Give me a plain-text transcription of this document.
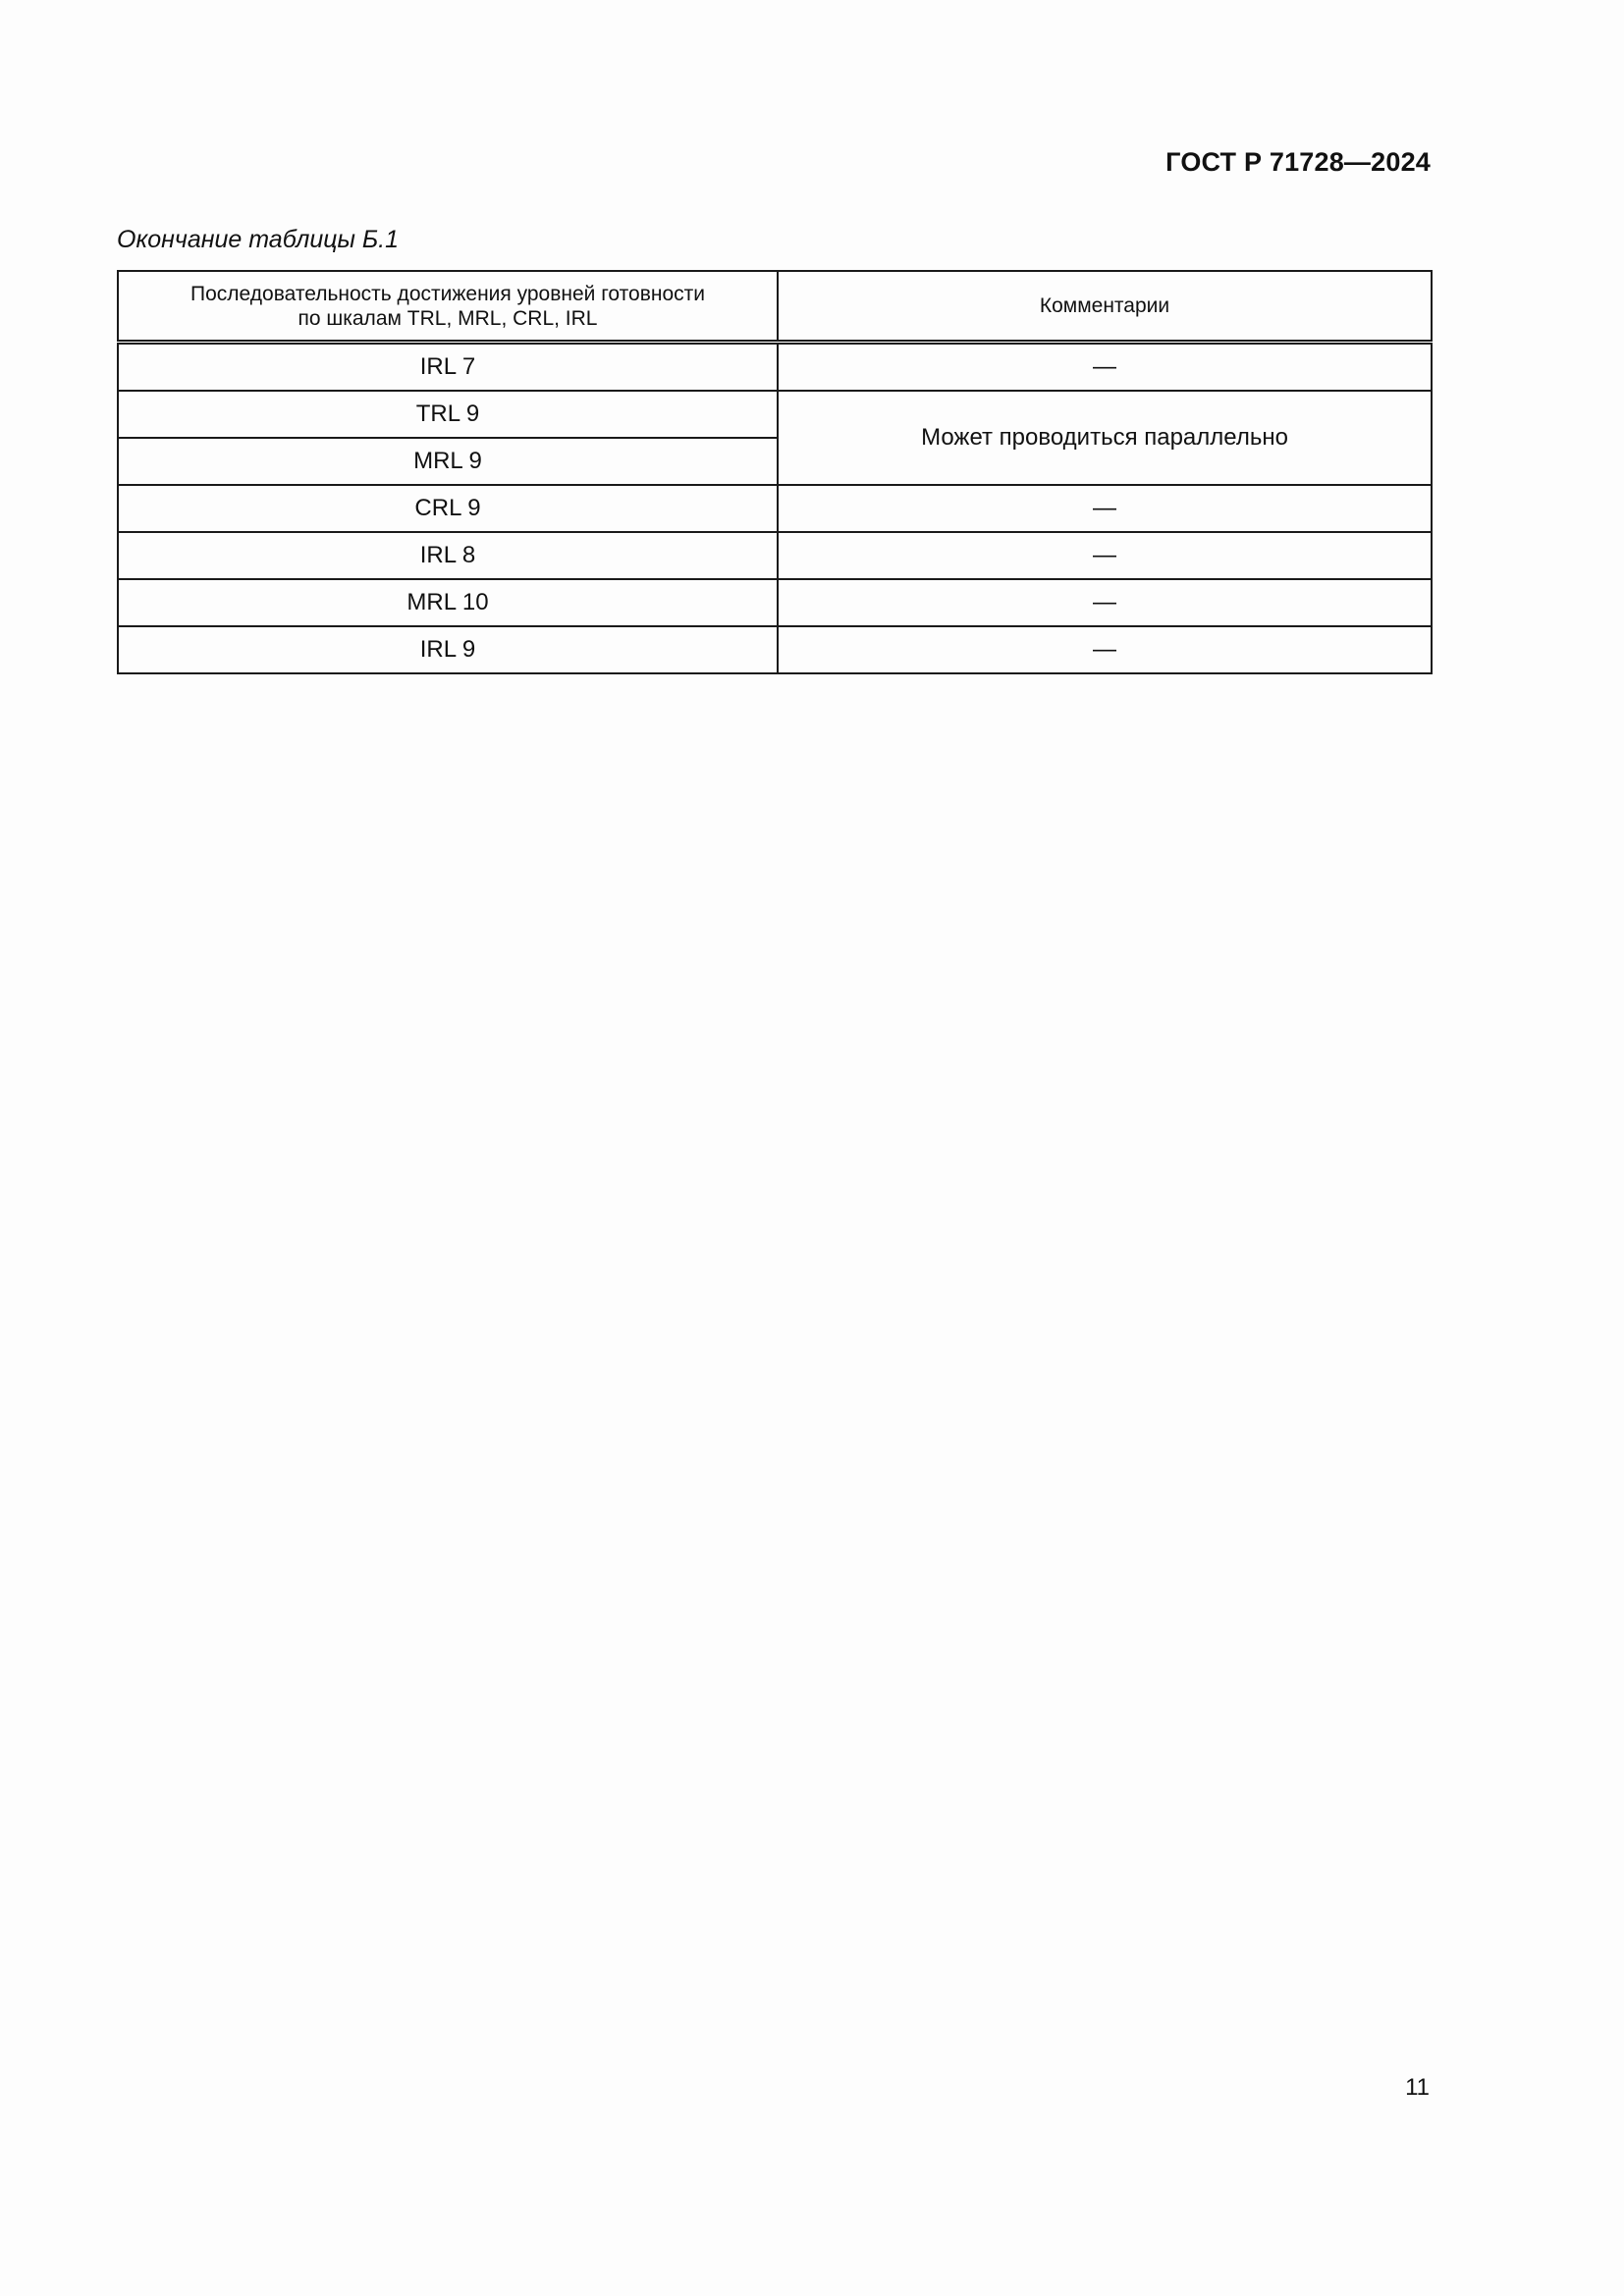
ГОСТ Р 71728—2024
Окончание таблицы Б.1
Последовательность достижения уровней готовности
по шкалам TRL, MRL, CRL, IRL	Комментарии
IRL 7	—
TRL 9	Может проводиться параллельно
MRL 9	
CRL 9	—
IRL 8	—
MRL 10	—
IRL 9	—
11
